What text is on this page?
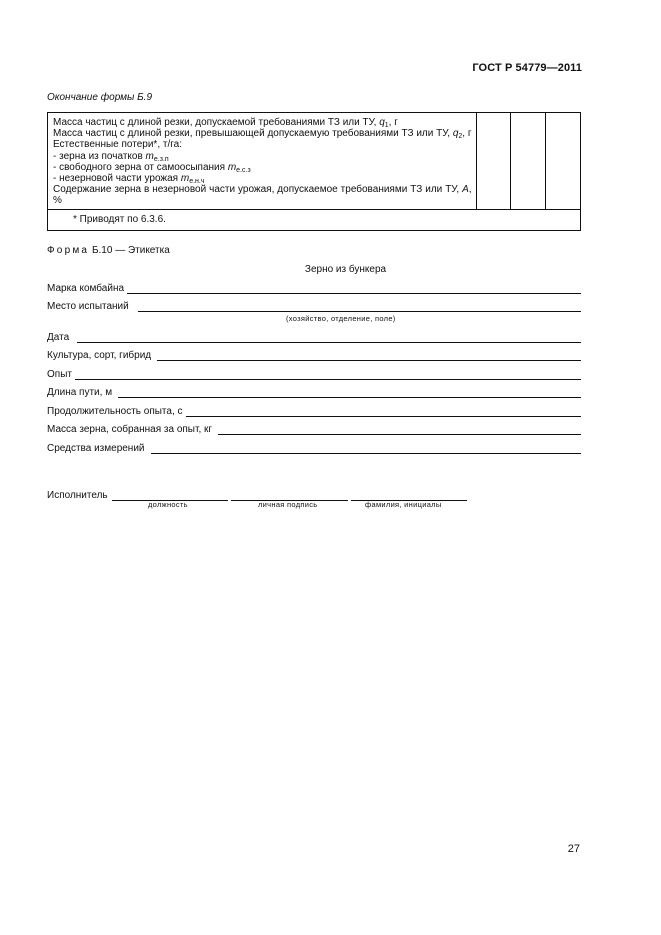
ГОСТ Р 54779—2011
Окончание формы Б.9
Масса частиц с длиной резки, допускаемой требованиями ТЗ или ТУ, $q_1$, г
Масса частиц с длиной резки, превышающей допускаемую требованиями ТЗ или ТУ, $q_2$, г
Естественные потери*, т/га:
- зерна из початков $m_{е.з.п}$
- свободного зерна от самоосыпания $m_{е.с.з}$
- незерновой части урожая $m_{е.н.ч}$
Содержание зерна в незерновой части урожая, допускаемое требованиями ТЗ или ТУ, А, %

* Приводят по 6.3.6.
Форма Б.10 — Этикетка
Зерно из бункера
Марка комбайна
Место испытаний
(хозяйство, отделение, поле)
Дата
Культура, сорт, гибрид
Опыт
Длина пути, м
Продолжительность опыта, с
Масса зерна, собранная за опыт, кг
Средства измерений
Исполнитель
должность	личная подпись	фамилия, инициалы
27
